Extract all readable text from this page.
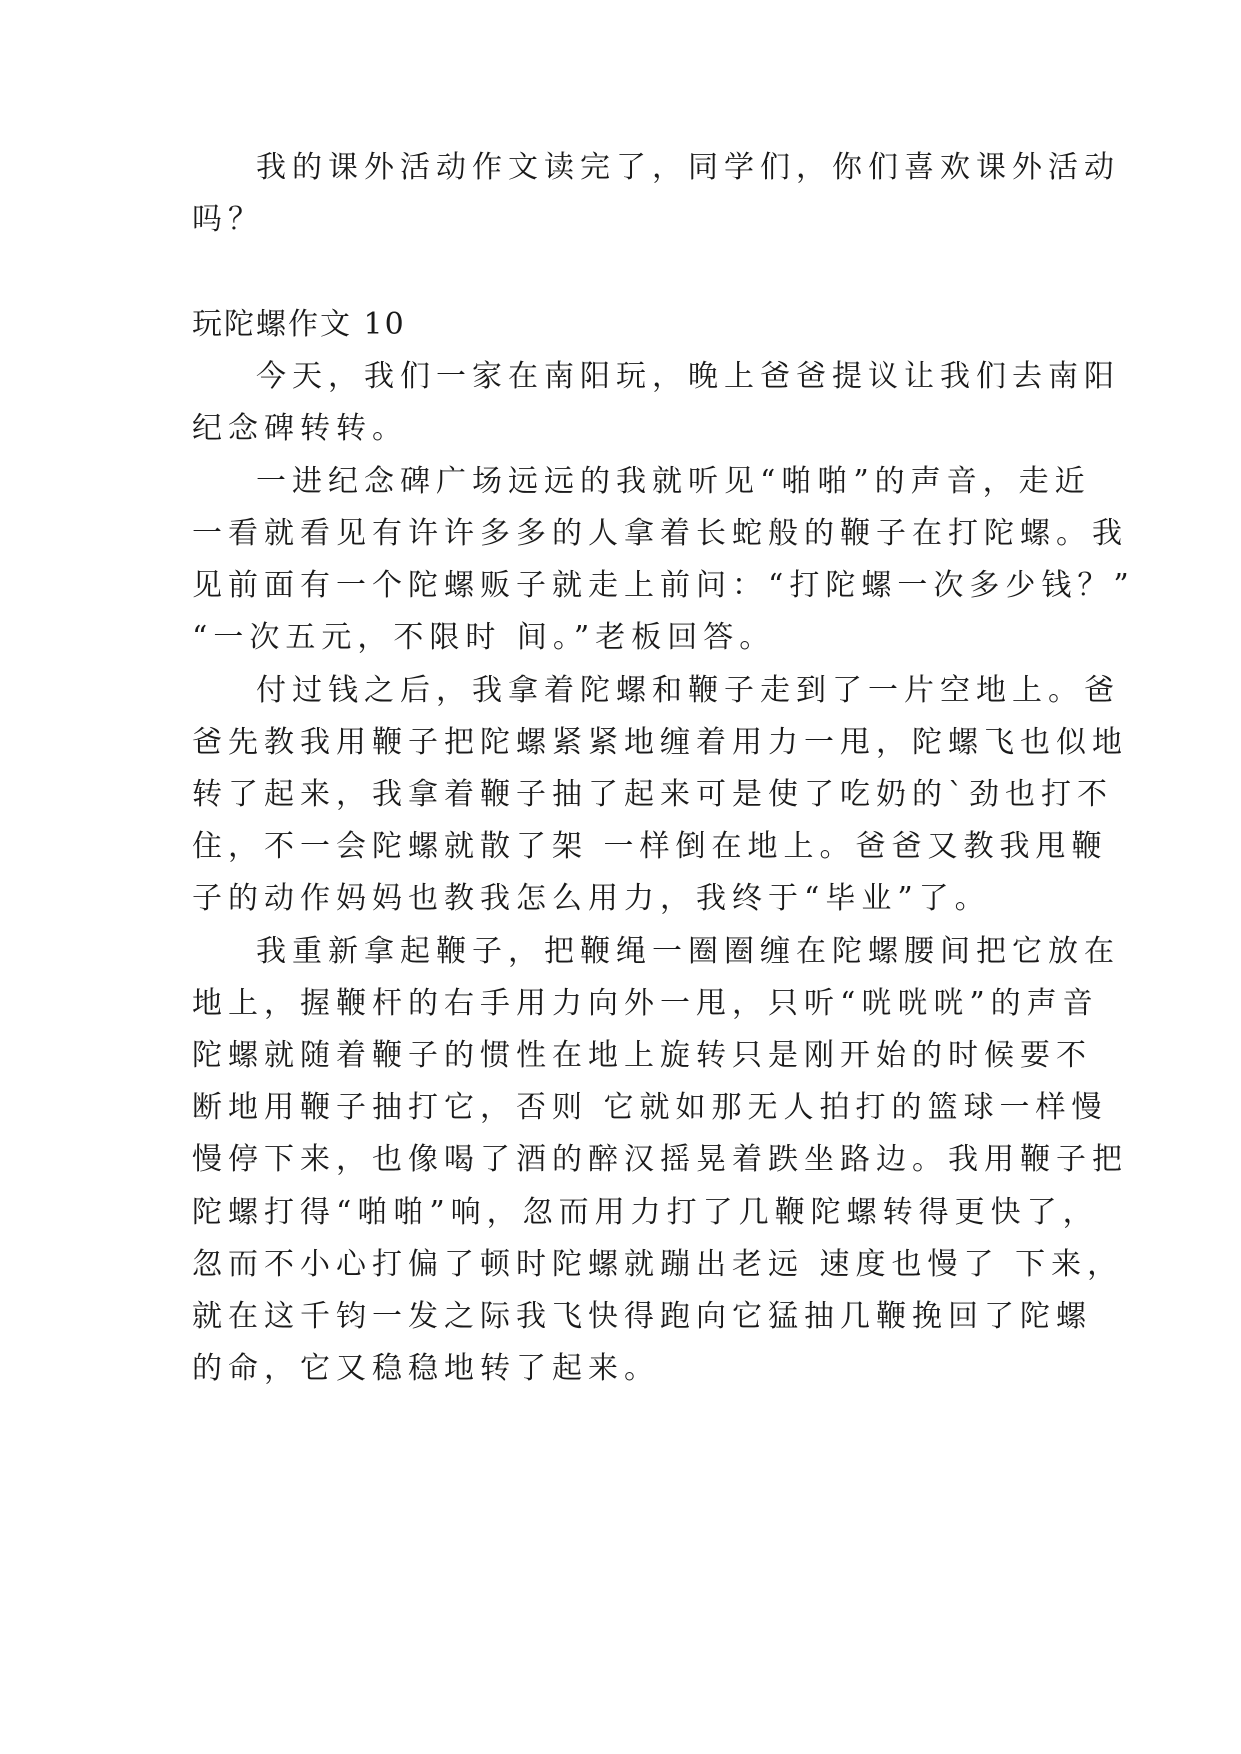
我的课外活动作文读完了，同学们，你们喜欢课外活动
吗？
玩陀螺作文 10
今天，我们一家在南阳玩，晚上爸爸提议让我们去南阳
纪念碑转转。
一进纪念碑广场远远的我就听见“啪啪”的声音，走近
一看就看见有许许多多的人拿着长蛇般的鞭子在打陀螺。我
见前面有一个陀螺贩子就走上前问：“打陀螺一次多少钱？”
“一次五元，不限时 间。”老板回答。
付过钱之后，我拿着陀螺和鞭子走到了一片空地上。爸
爸先教我用鞭子把陀螺紧紧地缠着用力一甩，陀螺飞也似地
转了起来，我拿着鞭子抽了起来可是使了吃奶的`劲也打不
住，不一会陀螺就散了架 一样倒在地上。爸爸又教我甩鞭
子的动作妈妈也教我怎么用力，我终于“毕业”了。
我重新拿起鞭子，把鞭绳一圈圈缠在陀螺腰间把它放在
地上，握鞭杆的右手用力向外一甩，只听“咣咣咣”的声音
陀螺就随着鞭子的惯性在地上旋转只是刚开始的时候要不
断地用鞭子抽打它，否则 它就如那无人拍打的篮球一样慢
慢停下来，也像喝了酒的醉汉摇晃着跌坐路边。我用鞭子把
陀螺打得“啪啪”响，忽而用力打了几鞭陀螺转得更快了，
忽而不小心打偏了顿时陀螺就蹦出老远 速度也慢了 下来，
就在这千钧一发之际我飞快得跑向它猛抽几鞭挽回了陀螺
的命，它又稳稳地转了起来。
